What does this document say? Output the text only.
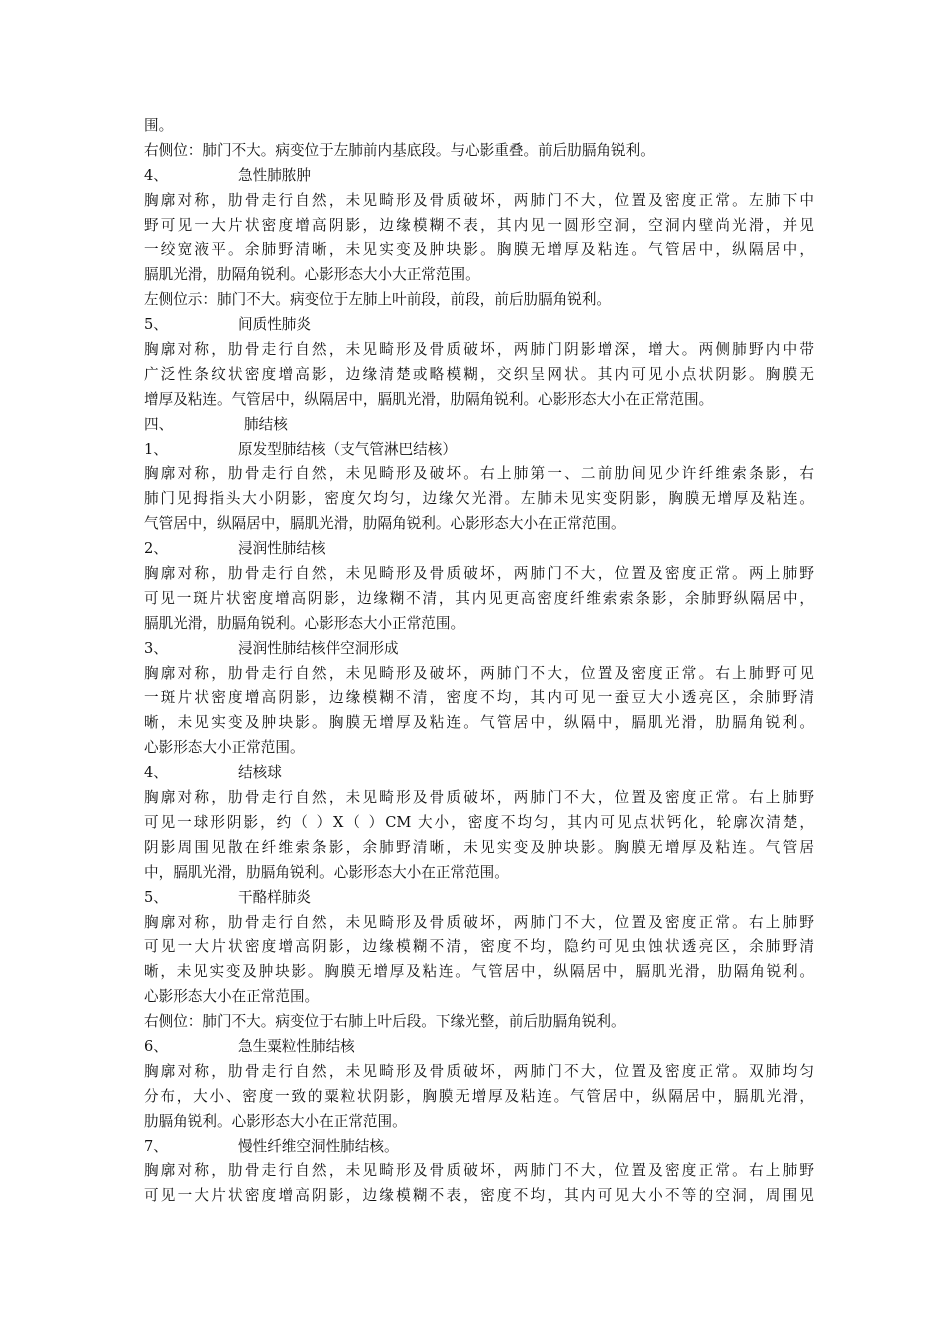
围。
右侧位：肺门不大。病变位于左肺前内基底段。与心影重叠。前后肋膈角锐利。
4、	急性肺脓肿
胸廓对称，肋骨走行自然，未见畸形及骨质破坏，两肺门不大，位置及密度正常。左肺下中
野可见一大片状密度增高阴影，边缘模糊不表，其内见一圆形空洞，空洞内壁尚光滑，并见
一绞宽液平。余肺野清晰，未见实变及肿块影。胸膜无增厚及粘连。气管居中，纵隔居中，
膈肌光滑，肋隔角锐利。心影形态大小大正常范围。
左侧位示：肺门不大。病变位于左肺上叶前段，前段，前后肋膈角锐利。
5、	间质性肺炎
胸廓对称，肋骨走行自然，未见畸形及骨质破坏，两肺门阴影增深，增大。两侧肺野内中带
广泛性条纹状密度增高影，边缘清楚或略模糊，交织呈网状。其内可见小点状阴影。胸膜无
增厚及粘连。气管居中，纵隔居中，膈肌光滑，肋隔角锐利。心影形态大小在正常范围。
四、	肺结核
1、	原发型肺结核（支气管淋巴结核）
胸廓对称，肋骨走行自然，未见畸形及破坏。右上肺第一、二前肋间见少许纤维索条影，右
肺门见拇指头大小阴影，密度欠均匀，边缘欠光滑。左肺未见实变阴影，胸膜无增厚及粘连。
气管居中，纵隔居中，膈肌光滑，肋隔角锐利。心影形态大小在正常范围。
2、	浸润性肺结核
胸廓对称，肋骨走行自然，未见畸形及骨质破坏，两肺门不大，位置及密度正常。两上肺野
可见一斑片状密度增高阴影，边缘糊不清，其内见更高密度纤维索索条影，余肺野纵隔居中，
膈肌光滑，肋膈角锐利。心影形态大小正常范围。
3、	浸润性肺结核伴空洞形成
胸廓对称，肋骨走行自然，未见畸形及破坏，两肺门不大，位置及密度正常。右上肺野可见
一斑片状密度增高阴影，边缘模糊不清，密度不均，其内可见一蚕豆大小透亮区，余肺野清
晰，未见实变及肿块影。胸膜无增厚及粘连。气管居中，纵隔中，膈肌光滑，肋膈角锐利。
心影形态大小正常范围。
4、	结核球
胸廓对称，肋骨走行自然，未见畸形及骨质破坏，两肺门不大，位置及密度正常。右上肺野
可见一球形阴影，约（ ）X（ ）CM 大小，密度不均匀，其内可见点状钙化，轮廓次清楚，
阴影周围见散在纤维索条影，余肺野清晰，未见实变及肿块影。胸膜无增厚及粘连。气管居
中，膈肌光滑，肋膈角锐利。心影形态大小在正常范围。
5、	干酪样肺炎
胸廓对称，肋骨走行自然，未见畸形及骨质破坏，两肺门不大，位置及密度正常。右上肺野
可见一大片状密度增高阴影，边缘模糊不清，密度不均，隐约可见虫蚀状透亮区，余肺野清
晰，未见实变及肿块影。胸膜无增厚及粘连。气管居中，纵隔居中，膈肌光滑，肋隔角锐利。
心影形态大小在正常范围。
右侧位：肺门不大。病变位于右肺上叶后段。下缘光整，前后肋膈角锐利。
6、	急生粟粒性肺结核
胸廓对称，肋骨走行自然，未见畸形及骨质破坏，两肺门不大，位置及密度正常。双肺均匀
分布，大小、密度一致的粟粒状阴影，胸膜无增厚及粘连。气管居中，纵隔居中，膈肌光滑，
肋膈角锐利。心影形态大小在正常范围。
7、	慢性纤维空洞性肺结核。
胸廓对称，肋骨走行自然，未见畸形及骨质破坏，两肺门不大，位置及密度正常。右上肺野
可见一大片状密度增高阴影，边缘模糊不表，密度不均，其内可见大小不等的空洞，周围见
